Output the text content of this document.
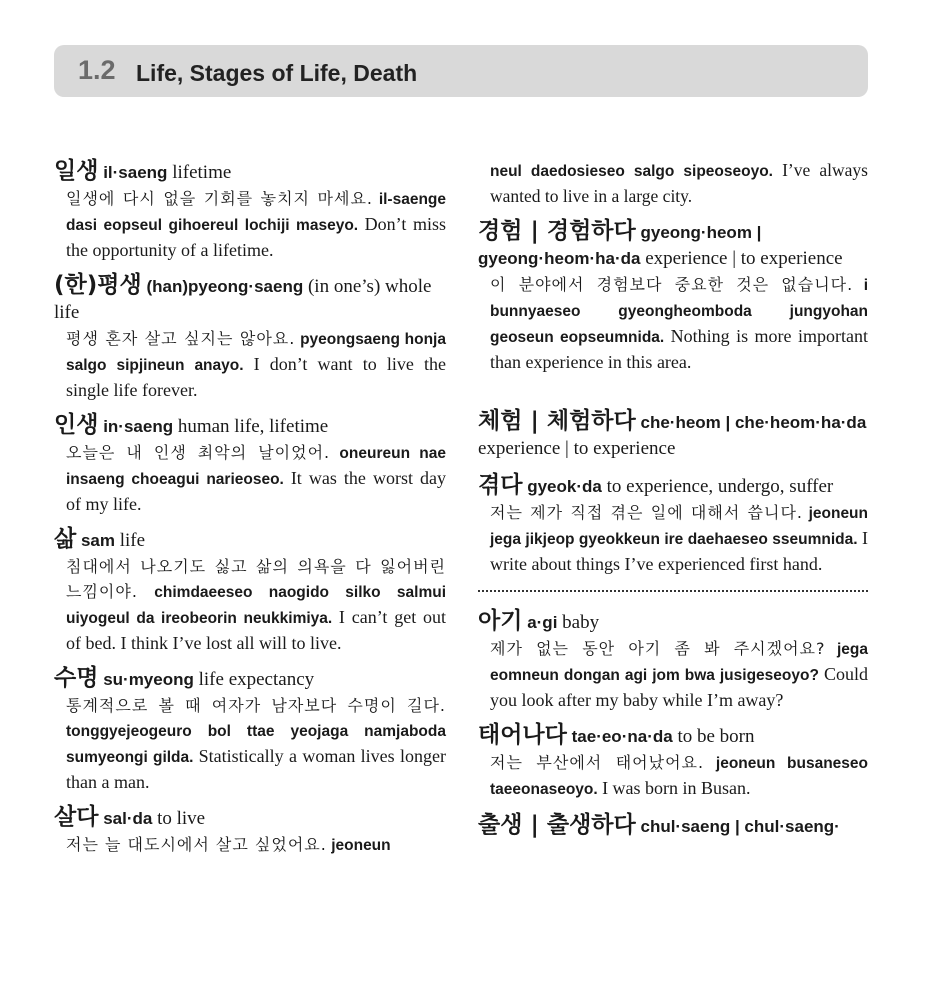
1.2 Life, Stages of Life, Death
일생 il·saeng lifetime
일생에 다시 없을 기회를 놓치지 마세요. il-saenge dasi eopseul gihoereul lochiji maseyo. Don’t miss the opportunity of a lifetime.
(한)평생 (han)pyeong·saeng (in one’s) whole life
평생 혼자 살고 싶지는 않아요. pyeongsaeng honja salgo sipjineun anayo. I don’t want to live the single life forever.
인생 in·saeng human life, lifetime
오늘은 내 인생 최악의 날이었어. oneureun nae insaeng choeagui narieoseo. It was the worst day of my life.
삶 sam life
침대에서 나오기도 싫고 삶의 의욕을 다 잃어버린 느낌이야. chimdaeeseo naogido silko salmui uiyogeul da ireobeorin neukkimiya. I can’t get out of bed. I think I’ve lost all will to live.
수명 su·myeong life expectancy
통계적으로 볼 때 여자가 남자보다 수명이 길다. tonggyejeogeuro bol ttae yeojaga namjaboda sumyeongi gilda. Statistically a woman lives longer than a man.
살다 sal·da to live
저는 늘 대도시에서 살고 싶었어요. jeoneun
neul daedosieseo salgo sipeoseoyo. I’ve always wanted to live in a large city.
경험 | 경험하다 gyeong·heom | gyeong·heom·ha·da experience | to experience
이 분야에서 경험보다 중요한 것은 없습니다. i bunnyaeseo gyeongheomboda jungyohan geoseun eopseumnida. Nothing is more important than experience in this area.
체험 | 체험하다 che·heom | che·heom·ha·da experience | to experience
겪다 gyeok·da to experience, undergo, suffer
저는 제가 직접 겪은 일에 대해서 씁니다. jeoneun jega jikjeop gyeokkeun ire daehaeseo sseumnida. I write about things I’ve experienced first hand.
아기 a·gi baby
제가 없는 동안 아기 좀 봐 주시겠어요? jega eomneun dongan agi jom bwa jusigeseoyo? Could you look after my baby while I’m away?
태어나다 tae·eo·na·da to be born
저는 부산에서 태어났어요. jeoneun busaneseo taeeonaseoyo. I was born in Busan.
출생 | 출생하다 chul·saeng | chul·saeng·
